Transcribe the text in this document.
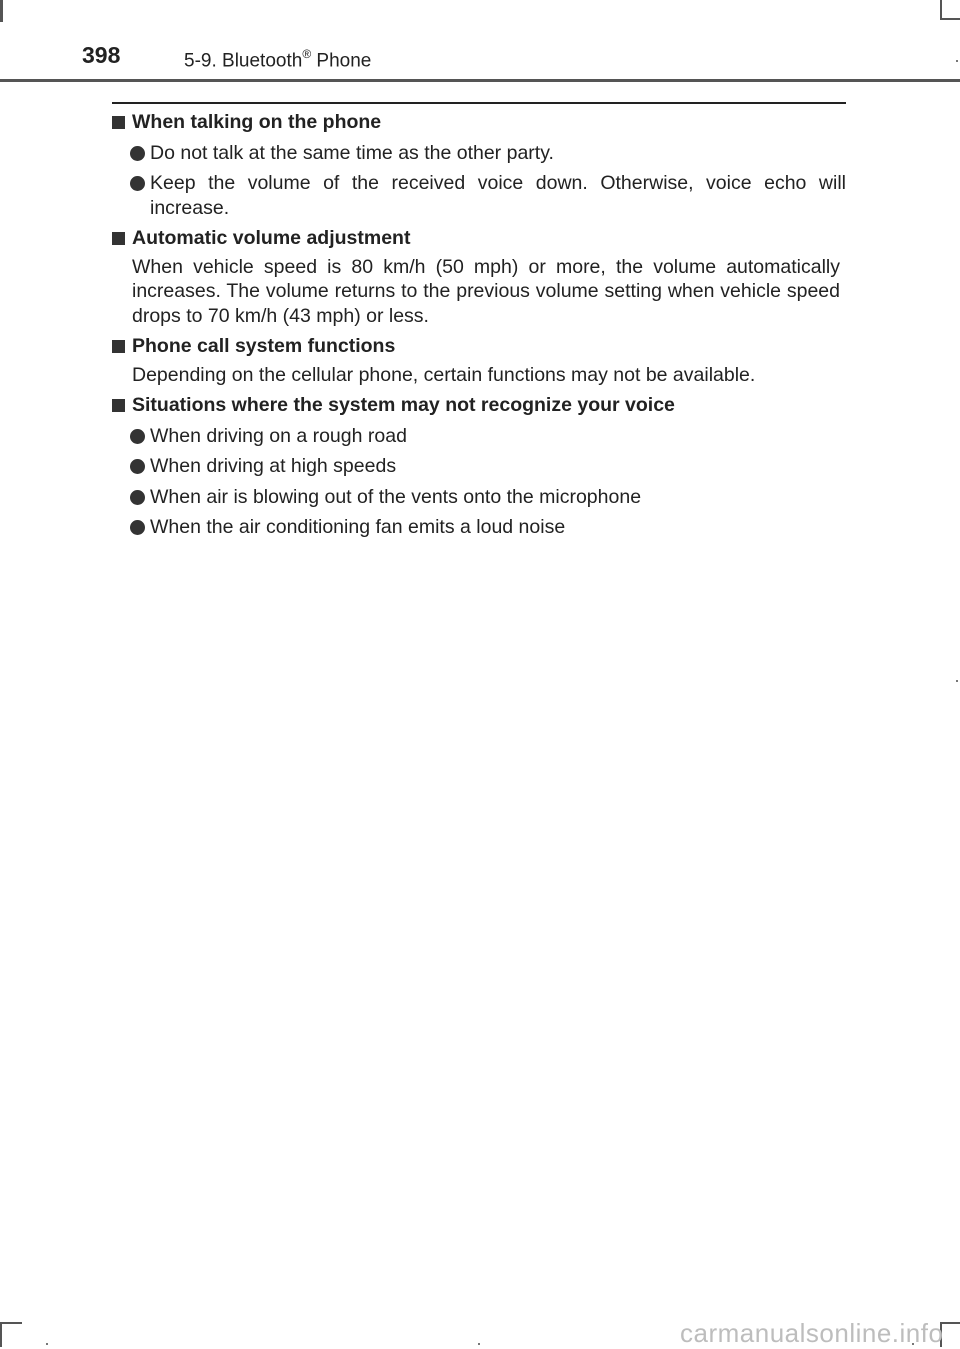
398	5-9. Bluetooth® Phone
When talking on the phone
Do not talk at the same time as the other party.
Keep the volume of the received voice down. Otherwise, voice echo will increase.
Automatic volume adjustment
When vehicle speed is 80 km/h (50 mph) or more, the volume automatically increases. The volume returns to the previous volume setting when vehicle speed drops to 70 km/h (43 mph) or less.
Phone call system functions
Depending on the cellular phone, certain functions may not be available.
Situations where the system may not recognize your voice
When driving on a rough road
When driving at high speeds
When air is blowing out of the vents onto the microphone
When the air conditioning fan emits a loud noise
carmanualsonline.info
